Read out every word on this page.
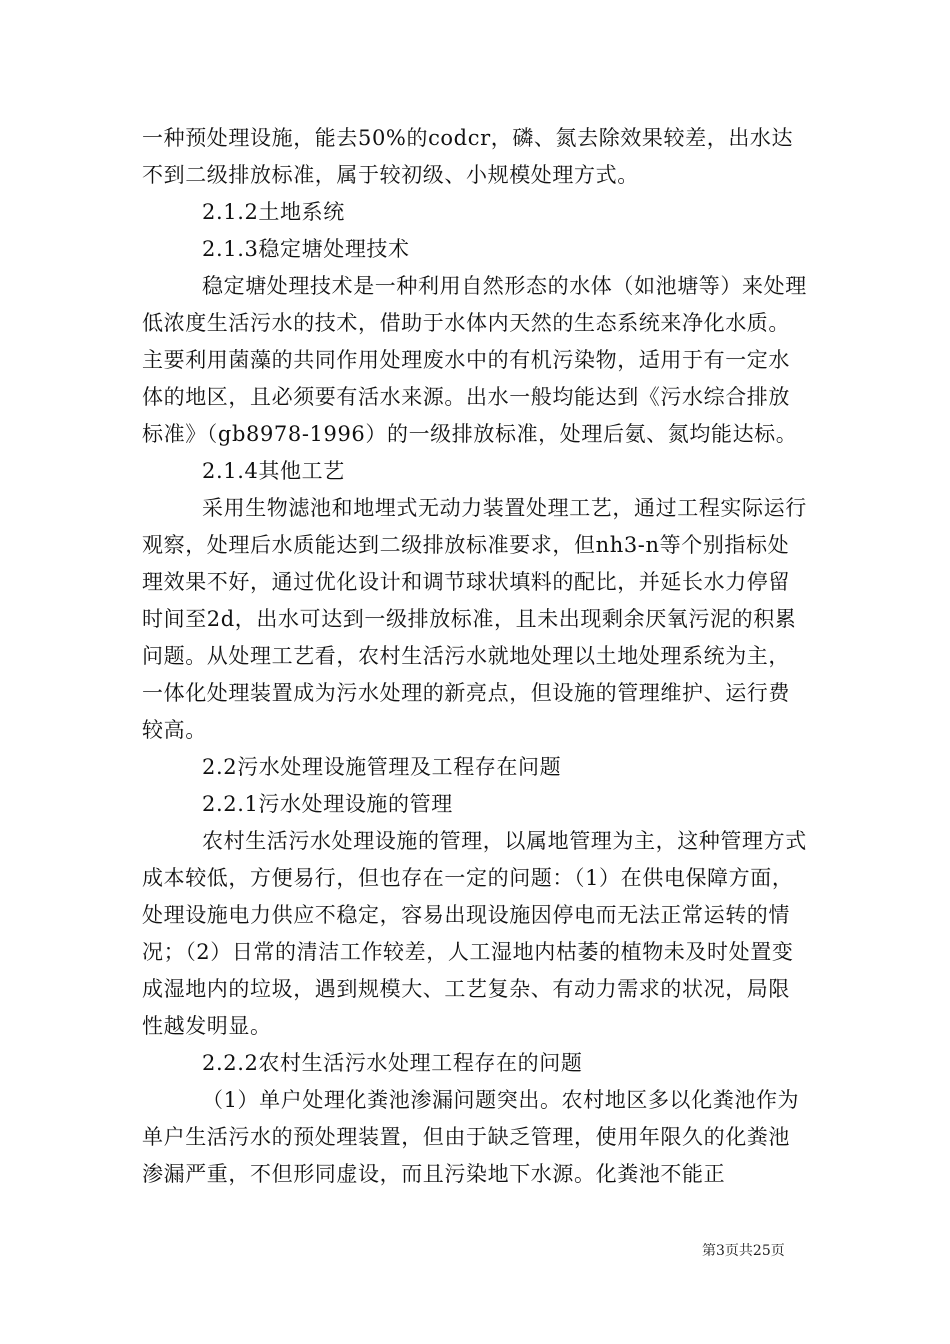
一种预处理设施，能去50%的codcr，磷、氮去除效果较差，出水达不到二级排放标准，属于较初级、小规模处理方式。

2.1.2土地系统

2.1.3稳定塘处理技术

稳定塘处理技术是一种利用自然形态的水体（如池塘等）来处理低浓度生活污水的技术，借助于水体内天然的生态系统来净化水质。主要利用菌藻的共同作用处理废水中的有机污染物，适用于有一定水体的地区，且必须要有活水来源。出水一般均能达到《污水综合排放标准》（gb8978-1996）的一级排放标准，处理后氨、氮均能达标。

2.1.4其他工艺

采用生物滤池和地埋式无动力装置处理工艺，通过工程实际运行观察，处理后水质能达到二级排放标准要求，但nh3-n等个别指标处理效果不好，通过优化设计和调节球状填料的配比，并延长水力停留时间至2d，出水可达到一级排放标准，且未出现剩余厌氧污泥的积累问题。从处理工艺看，农村生活污水就地处理以土地处理系统为主，一体化处理装置成为污水处理的新亮点，但设施的管理维护、运行费较高。

2.2污水处理设施管理及工程存在问题

2.2.1污水处理设施的管理

农村生活污水处理设施的管理，以属地管理为主，这种管理方式成本较低，方便易行，但也存在一定的问题：（1）在供电保障方面，处理设施电力供应不稳定，容易出现设施因停电而无法正常运转的情况；（2）日常的清洁工作较差，人工湿地内枯萎的植物未及时处置变成湿地内的垃圾，遇到规模大、工艺复杂、有动力需求的状况，局限性越发明显。

2.2.2农村生活污水处理工程存在的问题

（1）单户处理化粪池渗漏问题突出。农村地区多以化粪池作为单户生活污水的预处理装置，但由于缺乏管理，使用年限久的化粪池渗漏严重，不但形同虚设，而且污染地下水源。化粪池不能正

第3页共25页
